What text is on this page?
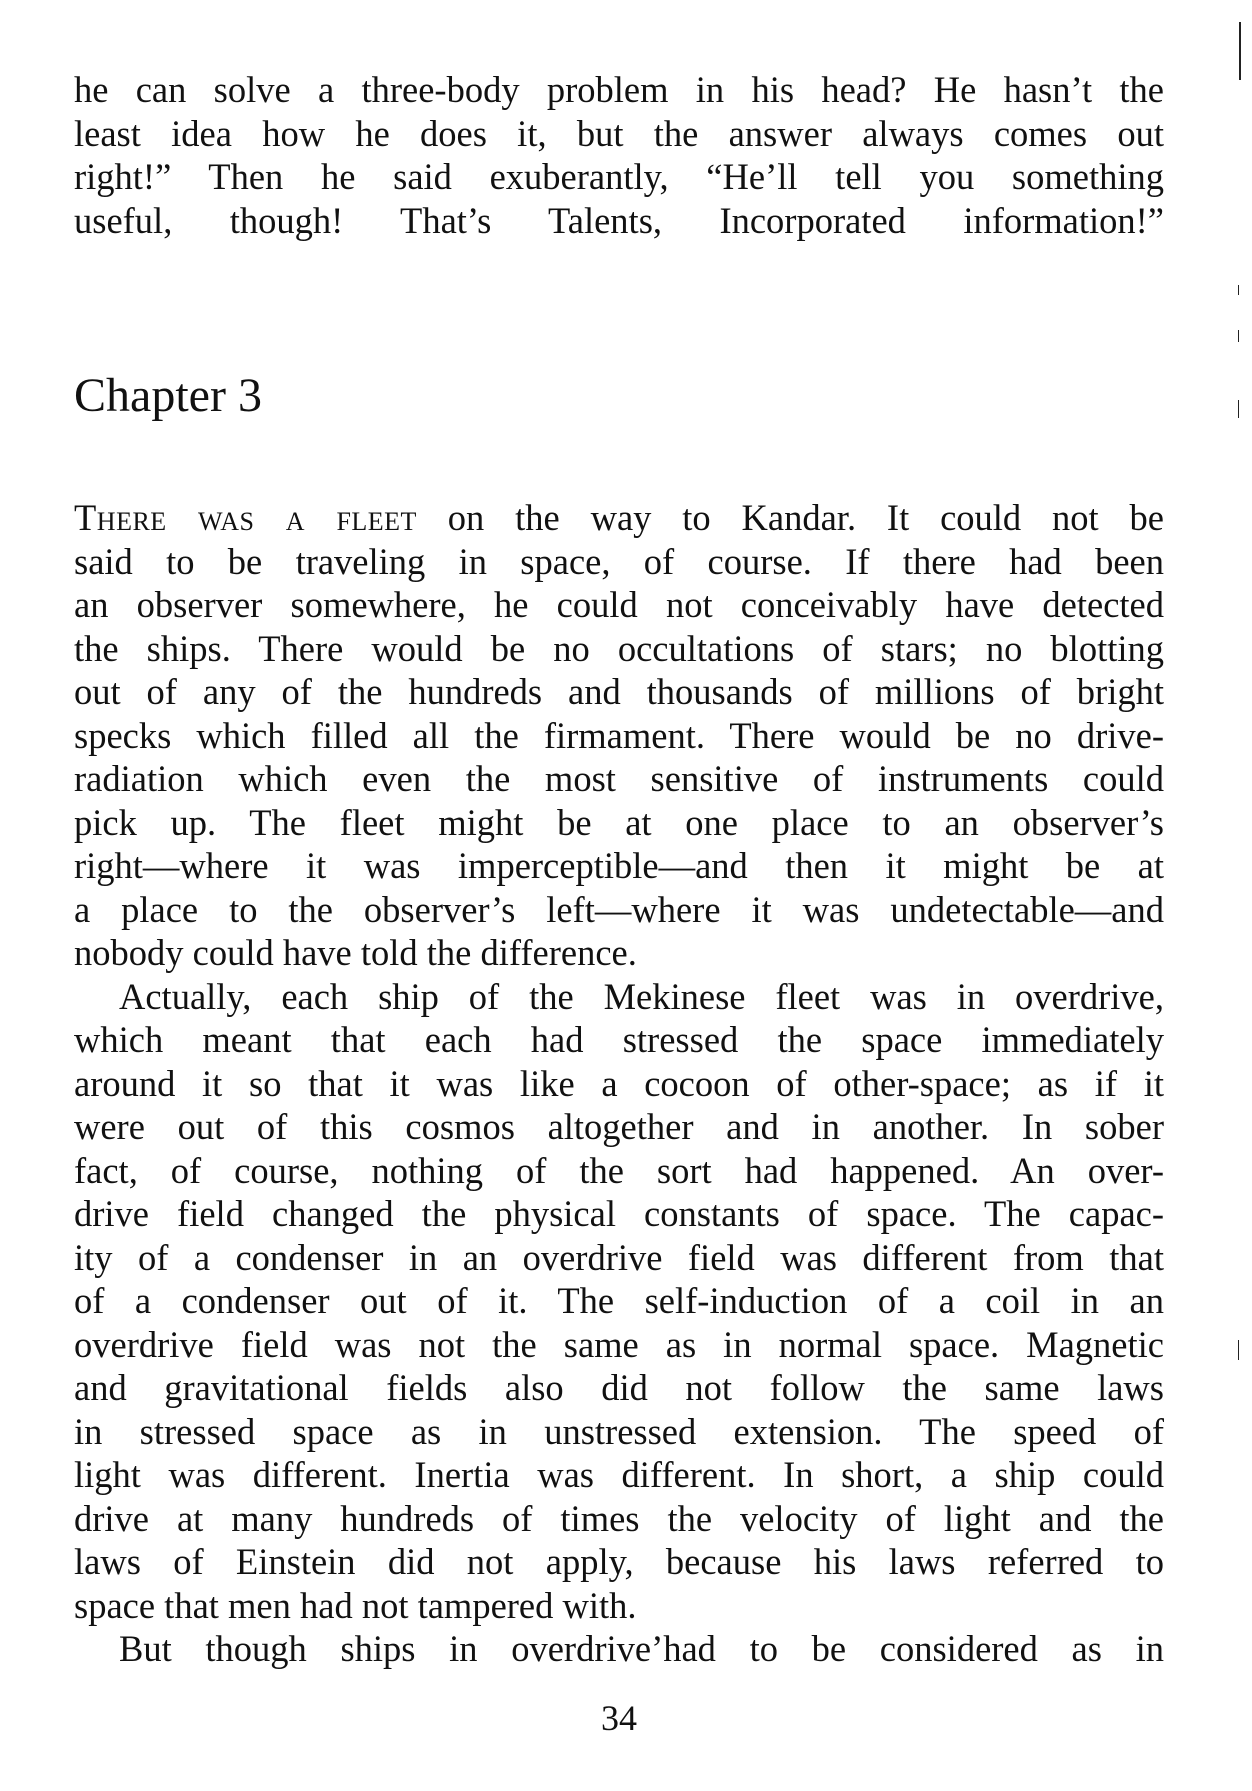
he can solve a three-body problem in his head? He hasn’t the
least idea how he does it, but the answer always comes out
right!” Then he said exuberantly, “He’ll tell you something
useful, though! That’s Talents, Incorporated information!”
Chapter 3
There was a fleet on the way to Kandar. It could not be
said to be traveling in space, of course. If there had been
an observer somewhere, he could not conceivably have detected
the ships. There would be no occultations of stars; no blotting
out of any of the hundreds and thousands of millions of bright
specks which filled all the firmament. There would be no drive-
radiation which even the most sensitive of instruments could
pick up. The fleet might be at one place to an observer’s
right—where it was imperceptible—and then it might be at
a place to the observer’s left—where it was undetectable—and
nobody could have told the difference.
Actually, each ship of the Mekinese fleet was in overdrive,
which meant that each had stressed the space immediately
around it so that it was like a cocoon of other-space; as if it
were out of this cosmos altogether and in another. In sober
fact, of course, nothing of the sort had happened. An over-
drive field changed the physical constants of space. The capac-
ity of a condenser in an overdrive field was different from that
of a condenser out of it. The self-induction of a coil in an
overdrive field was not the same as in normal space. Magnetic
and gravitational fields also did not follow the same laws
in stressed space as in unstressed extension. The speed of
light was different. Inertia was different. In short, a ship could
drive at many hundreds of times the velocity of light and the
laws of Einstein did not apply, because his laws referred to
space that men had not tampered with.
But though ships in overdrive’had to be considered as in
34
